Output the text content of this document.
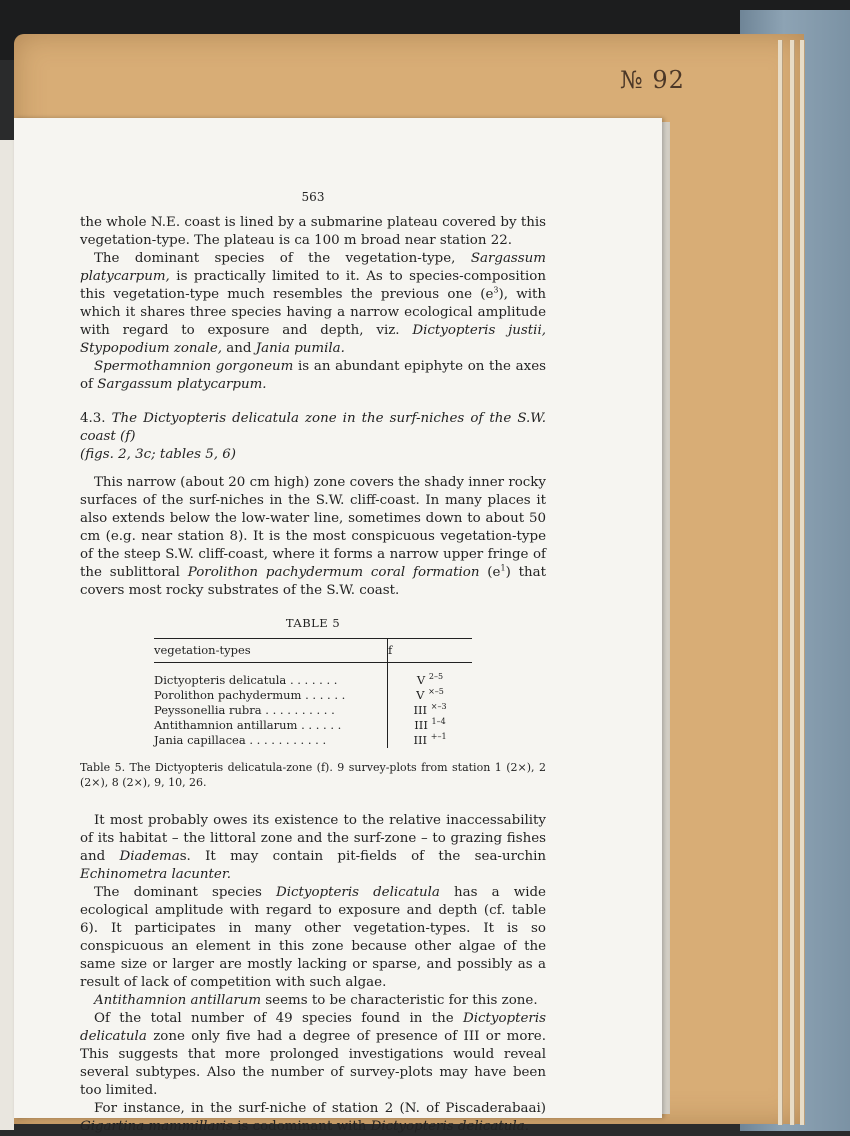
№ 92
563

the whole N.E. coast is lined by a submarine plateau covered by this vegetation-type. The plateau is ca 100 m broad near station 22.

The dominant species of the vegetation-type, Sargassum platycarpum, is practically limited to it. As to species-composition this vegetation-type much resembles the previous one $(e^3)$, with which it shares three species having a narrow ecological amplitude with regard to exposure and depth, viz. Dictyopteris justii, Stypopodium zonale, and Jania pumila.

Spermothamnion gorgoneum is an abundant epiphyte on the axes of Sargassum platycarpum.

4.3. The Dictyopteris delicatula zone in the surf-niches of the S.W. coast (f)
(figs. 2, 3c; tables 5, 6)

This narrow (about 20 cm high) zone covers the shady inner rocky surfaces of the surf-niches in the S.W. cliff-coast. In many places it also extends below the low-water line, sometimes down to about 50 cm (e.g. near station 8). It is the most conspicuous vegetation-type of the steep S.W. cliff-coast, where it forms a narrow upper fringe of the sublittoral Porolithon pachydermum coral formation $(e^1)$ that covers most rocky substrates of the S.W. coast.

TABLE 5
vegetation-types	f

Dictyopteris delicatula . . . . . . .	V $^{2-5}$
Porolithon pachydermum . . . . . .	V $^{\times-5}$
Peyssonellia rubra . . . . . . . . . .	III $^{\times-3}$
Antithamnion antillarum . . . . . .	III $^{1-4}$
Jania capillacea . . . . . . . . . . .	III $^{+-1}$

Table 5. The Dictyopteris delicatula-zone (f). 9 survey-plots from station 1 (2×), 2 (2×), 8 (2×), 9, 10, 26.

It most probably owes its existence to the relative inaccessability of its habitat – the littoral zone and the surf-zone – to grazing fishes and Diademas. It may contain pit-fields of the sea-urchin Echinometra lacunter.

The dominant species Dictyopteris delicatula has a wide ecological amplitude with regard to exposure and depth (cf. table 6). It participates in many other vegetation-types. It is so conspicuous an element in this zone because other algae of the same size or larger are mostly lacking or sparse, and possibly as a result of lack of competition with such algae.

Antithamnion antillarum seems to be characteristic for this zone.

Of the total number of 49 species found in the Dictyopteris delicatula zone only five had a degree of presence of III or more. This suggests that more prolonged investigations would reveal several subtypes. Also the number of survey-plots may have been too limited.

For instance, in the surf-niche of station 2 (N. of Piscaderabaai) Gigartina mammillaris is codominant with Dictyopteris delicatula.
